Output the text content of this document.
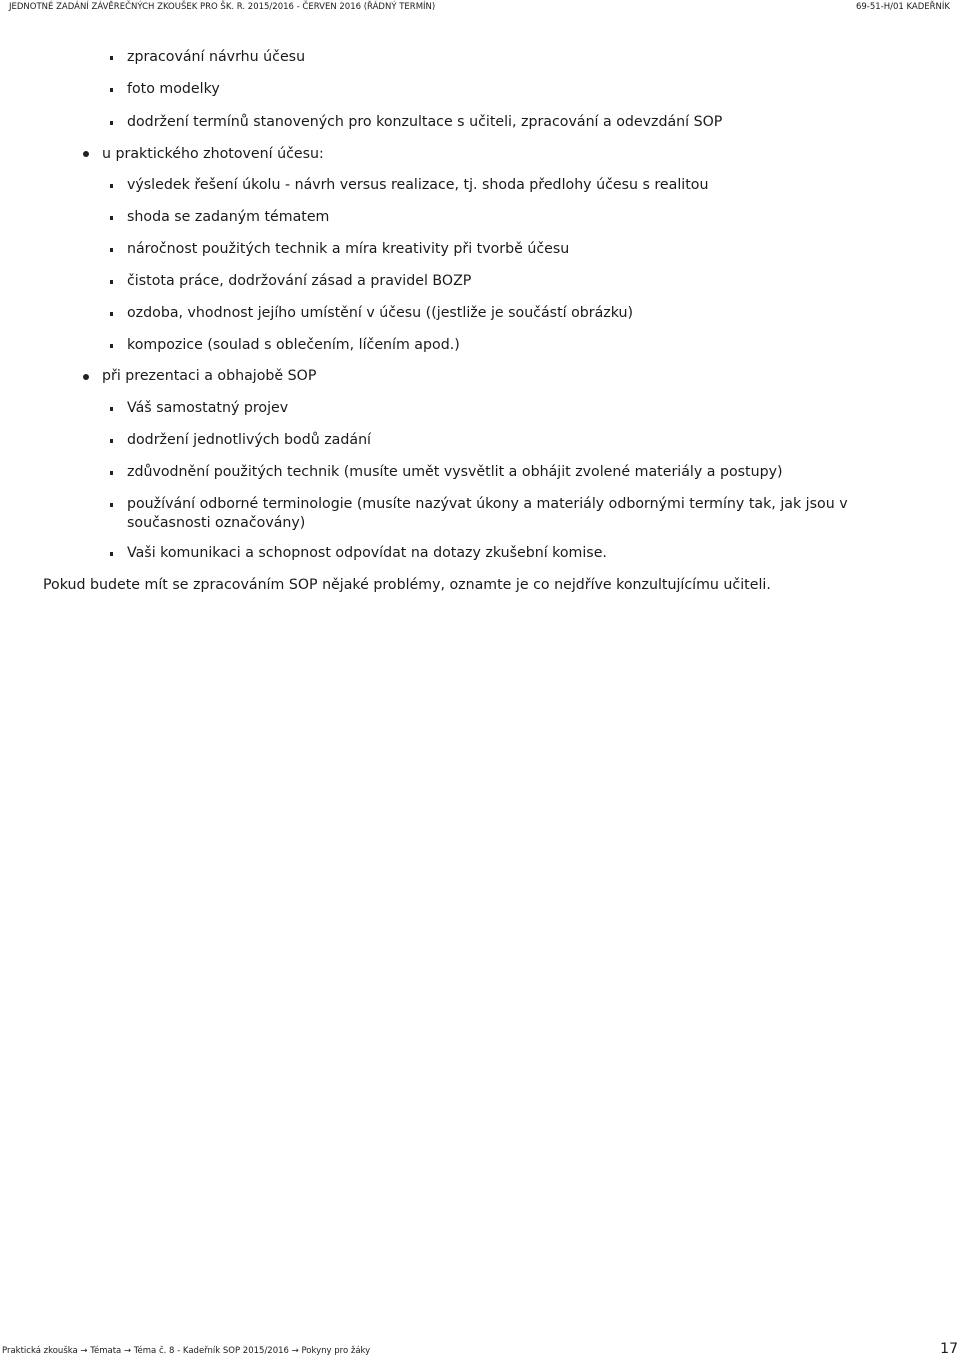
JEDNOTNÉ ZADÁNÍ ZÁVĚREČNÝCH ZKOUŠEK PRO ŠK. R. 2015/2016 - ČERVEN 2016 (ŘÁDNÝ TERMÍN)	69-51-H/01 KADEŘNÍK
zpracování návrhu účesu
foto modelky
dodržení termínů stanovených pro konzultace s učiteli, zpracování a odevzdání SOP
u praktického zhotovení účesu:
výsledek řešení úkolu - návrh versus realizace, tj. shoda předlohy účesu s realitou
shoda se zadaným tématem
náročnost použitých technik a míra kreativity při tvorbě účesu
čistota práce, dodržování zásad a pravidel BOZP
ozdoba, vhodnost jejího umístění v účesu ((jestliže je součástí obrázku)
kompozice (soulad s oblečením, líčením apod.)
při prezentaci a obhajobě SOP
Váš samostatný projev
dodržení jednotlivých bodů zadání
zdůvodnění použitých technik (musíte umět vysvětlit a obhájit zvolené materiály a postupy)
používání odborné terminologie (musíte nazývat úkony a materiály odbornými termíny tak, jak jsou v současnosti označovány)
Vaši komunikaci a schopnost odpovídat na dotazy zkušební komise.
Pokud budete mít se zpracováním SOP nějaké problémy, oznamte je co nejdříve konzultujícímu učiteli.
Praktická zkouška → Témata → Téma č. 8 - Kadeřník SOP 2015/2016 → Pokyny pro žáky	17
